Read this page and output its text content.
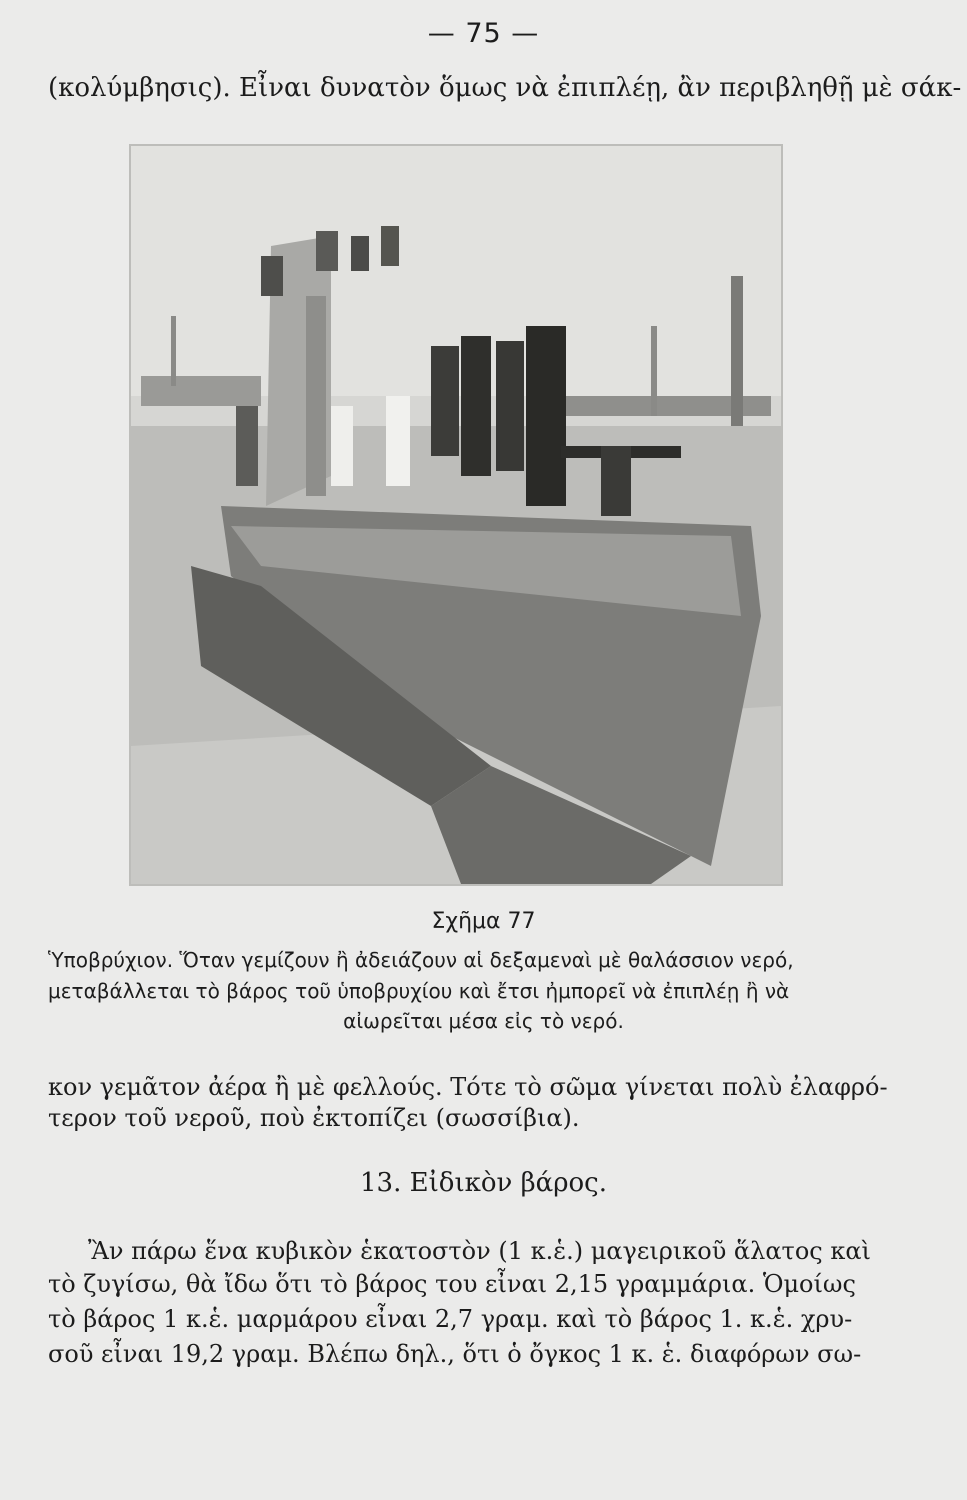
— 75 —
(κολύμβησις). Εἶναι δυνατὸν ὅμως νὰ ἐπιπλέῃ, ἂν περιβληθῇ μὲ σάκ-
Σχῆμα 77
Ὑποβρύχιον. Ὅταν γεμίζουν ἢ ἀδειάζουν αἱ δεξαμεναὶ μὲ θαλάσσιον νερό,
μεταβάλλεται τὸ βάρος τοῦ ὑποβρυχίου καὶ ἔτσι ἠμπορεῖ νὰ ἐπιπλέῃ ἢ νὰ
αἰωρεῖται μέσα εἰς τὸ νερό.
κον γεμᾶτον ἀέρα ἢ μὲ φελλούς. Τότε τὸ σῶμα γίνεται πολὺ ἐλαφρό-
τερον τοῦ νεροῦ, ποὺ ἐκτοπίζει (σωσσίβια).
13. Εἰδικὸν βάρος.
Ἂν πάρω ἕνα κυβικὸν ἑκατοστὸν (1 κ.ἑ.) μαγειρικοῦ ἅλατος καὶ
τὸ ζυγίσω, θὰ ἴδω ὅτι τὸ βάρος του εἶναι 2,15 γραμμάρια. Ὁμοίως
τὸ βάρος 1 κ.ἑ. μαρμάρου εἶναι 2,7 γραμ. καὶ τὸ βάρος 1. κ.ἑ. χρυ-
σοῦ εἶναι 19,2 γραμ. Βλέπω δηλ., ὅτι ὁ ὄγκος 1 κ. ἑ. διαφόρων σω-
